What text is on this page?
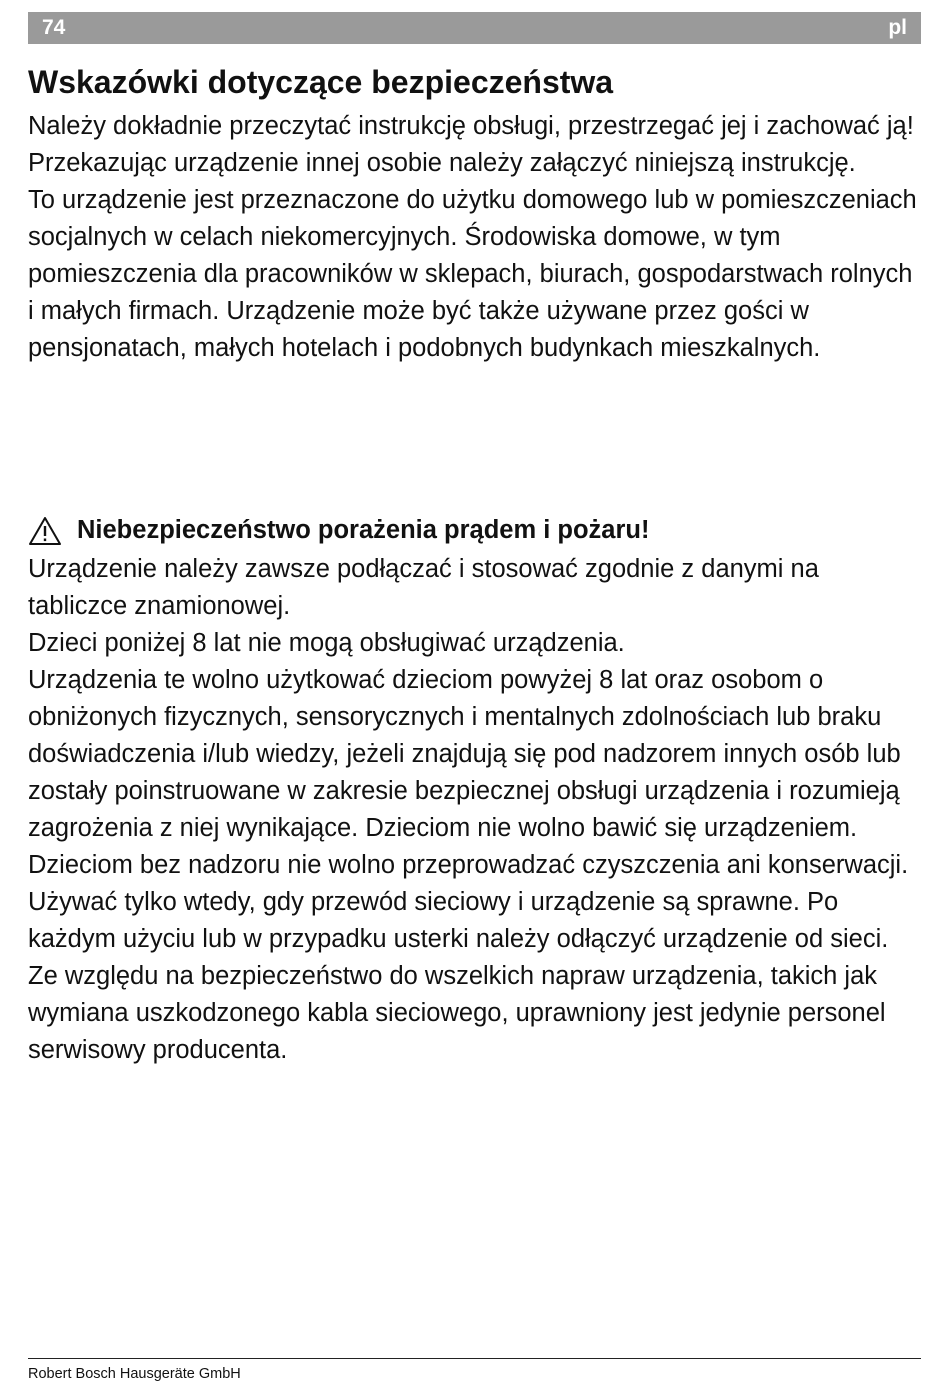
74	pl
Wskazówki dotyczące bezpieczeństwa

Należy dokładnie przeczytać instrukcję obsługi, przestrzegać jej i zachować ją!

Przekazując urządzenie innej osobie należy załączyć niniejszą instrukcję.

To urządzenie jest przeznaczone do użytku domowego lub w pomieszczeniach socjalnych w celach niekomercyjnych. Środowiska domowe, w tym pomieszczenia dla pracowników w sklepach, biurach, gospodarstwach rolnych i małych firmach. Urządzenie może być także używane przez gości w pensjonatach, małych hotelach i podobnych budynkach mieszkalnych.

Niebezpieczeństwo porażenia prądem i pożaru!

Urządzenie należy zawsze podłączać i stosować zgodnie z danymi na tabliczce znamionowej.

Dzieci poniżej 8 lat nie mogą obsługiwać urządzenia.

Urządzenia te wolno użytkować dzieciom powyżej 8 lat oraz osobom o obniżonych fizycznych, sensorycznych i mentalnych zdolnościach lub braku doświadczenia i/lub wiedzy, jeżeli znajdują się pod nadzorem innych osób lub zostały poinstruowane w zakresie bezpiecznej obsługi urządzenia i rozumieją zagrożenia z niej wynikające. Dzieciom nie wolno bawić się urządzeniem.

Dzieciom bez nadzoru nie wolno przeprowadzać czyszczenia ani konserwacji.

Używać tylko wtedy, gdy przewód sieciowy i urządzenie są sprawne. Po każdym użyciu lub w przypadku usterki należy odłączyć urządzenie od sieci. Ze względu na bezpieczeństwo do wszelkich napraw urządzenia, takich jak wymiana uszkodzonego kabla sieciowego, uprawniony jest jedynie personel serwisowy producenta.

Robert Bosch Hausgeräte GmbH
